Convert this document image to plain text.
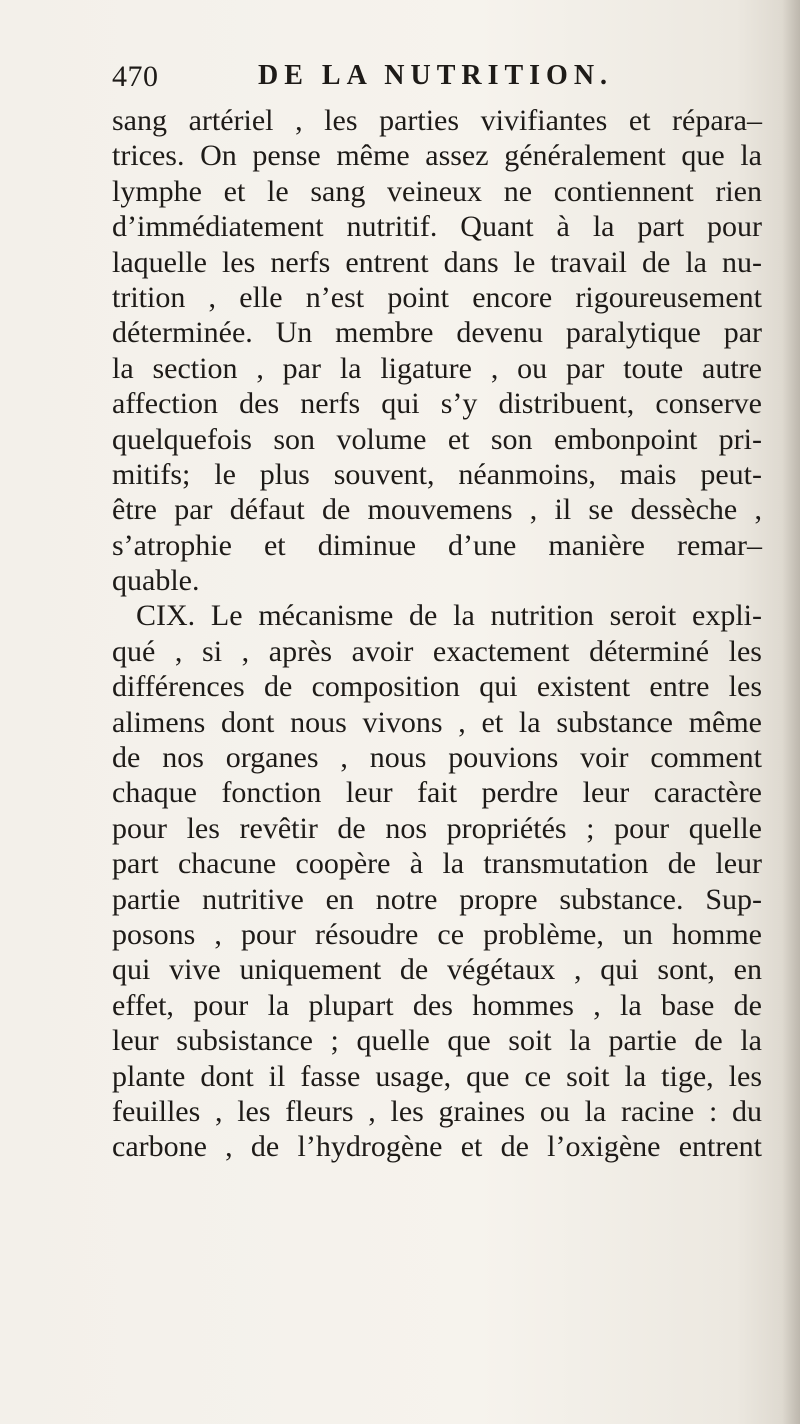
470	DE LA NUTRITION.
sang artériel , les parties vivifiantes et répara–
trices. On pense même assez généralement que la
lymphe et le sang veineux ne contiennent rien
d’immédiatement nutritif. Quant à la part pour
laquelle les nerfs entrent dans le travail de la nu-
trition , elle n’est point encore rigoureusement
déterminée. Un membre devenu paralytique par
la section , par la ligature , ou par toute autre
affection des nerfs qui s’y distribuent, conserve
quelquefois son volume et son embonpoint pri-
mitifs; le plus souvent, néanmoins, mais peut-
être par défaut de mouvemens , il se dessèche ,
s’atrophie et diminue d’une manière remar–
quable.
CIX. Le mécanisme de la nutrition seroit expli-
qué , si , après avoir exactement déterminé les
différences de composition qui existent entre les
alimens dont nous vivons , et la substance même
de nos organes , nous pouvions voir comment
chaque fonction leur fait perdre leur caractère
pour les revêtir de nos propriétés ; pour quelle
part chacune coopère à la transmutation de leur
partie nutritive en notre propre substance. Sup-
posons , pour résoudre ce problème, un homme
qui vive uniquement de végétaux , qui sont, en
effet, pour la plupart des hommes , la base de
leur subsistance ; quelle que soit la partie de la
plante dont il fasse usage, que ce soit la tige, les
feuilles , les fleurs , les graines ou la racine : du
carbone , de l’hydrogène et de l’oxigène entrent
